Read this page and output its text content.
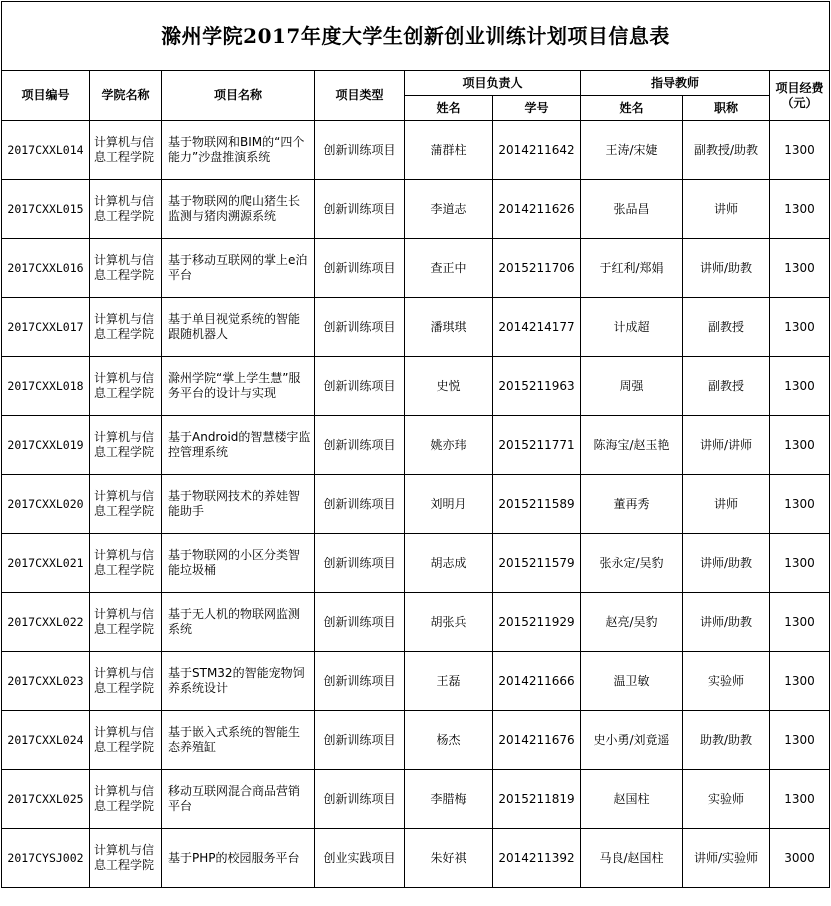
滁州学院2017年度大学生创新创业训练计划项目信息表								
项目编号	学院名称	项目名称	项目类型	项目负责人		指导教师		项目经费（元）
				姓名	学号	姓名	职称	
2017CXXL014	计算机与信息工程学院	基于物联网和BIM的“四个能力”沙盘推演系统	创新训练项目	蒲群柱	2014211642	王涛/宋婕	副教授/助教	1300
2017CXXL015	计算机与信息工程学院	基于物联网的爬山猪生长监测与猪肉溯源系统	创新训练项目	李道志	2014211626	张品昌	讲师	1300
2017CXXL016	计算机与信息工程学院	基于移动互联网的掌上e泊平台	创新训练项目	查正中	2015211706	于红利/郑娟	讲师/助教	1300
2017CXXL017	计算机与信息工程学院	基于单目视觉系统的智能跟随机器人	创新训练项目	潘琪琪	2014214177	计成超	副教授	1300
2017CXXL018	计算机与信息工程学院	滁州学院“掌上学生慧”服务平台的设计与实现	创新训练项目	史悦	2015211963	周强	副教授	1300
2017CXXL019	计算机与信息工程学院	基于Android的智慧楼宇监控管理系统	创新训练项目	姚亦玮	2015211771	陈海宝/赵玉艳	讲师/讲师	1300
2017CXXL020	计算机与信息工程学院	基于物联网技术的养娃智能助手	创新训练项目	刘明月	2015211589	董再秀	讲师	1300
2017CXXL021	计算机与信息工程学院	基于物联网的小区分类智能垃圾桶	创新训练项目	胡志成	2015211579	张永定/吴豹	讲师/助教	1300
2017CXXL022	计算机与信息工程学院	基于无人机的物联网监测系统	创新训练项目	胡张兵	2015211929	赵亮/吴豹	讲师/助教	1300
2017CXXL023	计算机与信息工程学院	基于STM32的智能宠物饲养系统设计	创新训练项目	王磊	2014211666	温卫敏	实验师	1300
2017CXXL024	计算机与信息工程学院	基于嵌入式系统的智能生态养殖缸	创新训练项目	杨杰	2014211676	史小勇/刘竟遥	助教/助教	1300
2017CXXL025	计算机与信息工程学院	移动互联网混合商品营销平台	创新训练项目	李腊梅	2015211819	赵国柱	实验师	1300
2017CYSJ002	计算机与信息工程学院	基于PHP的校园服务平台	创业实践项目	朱好祺	2014211392	马良/赵国柱	讲师/实验师	3000
